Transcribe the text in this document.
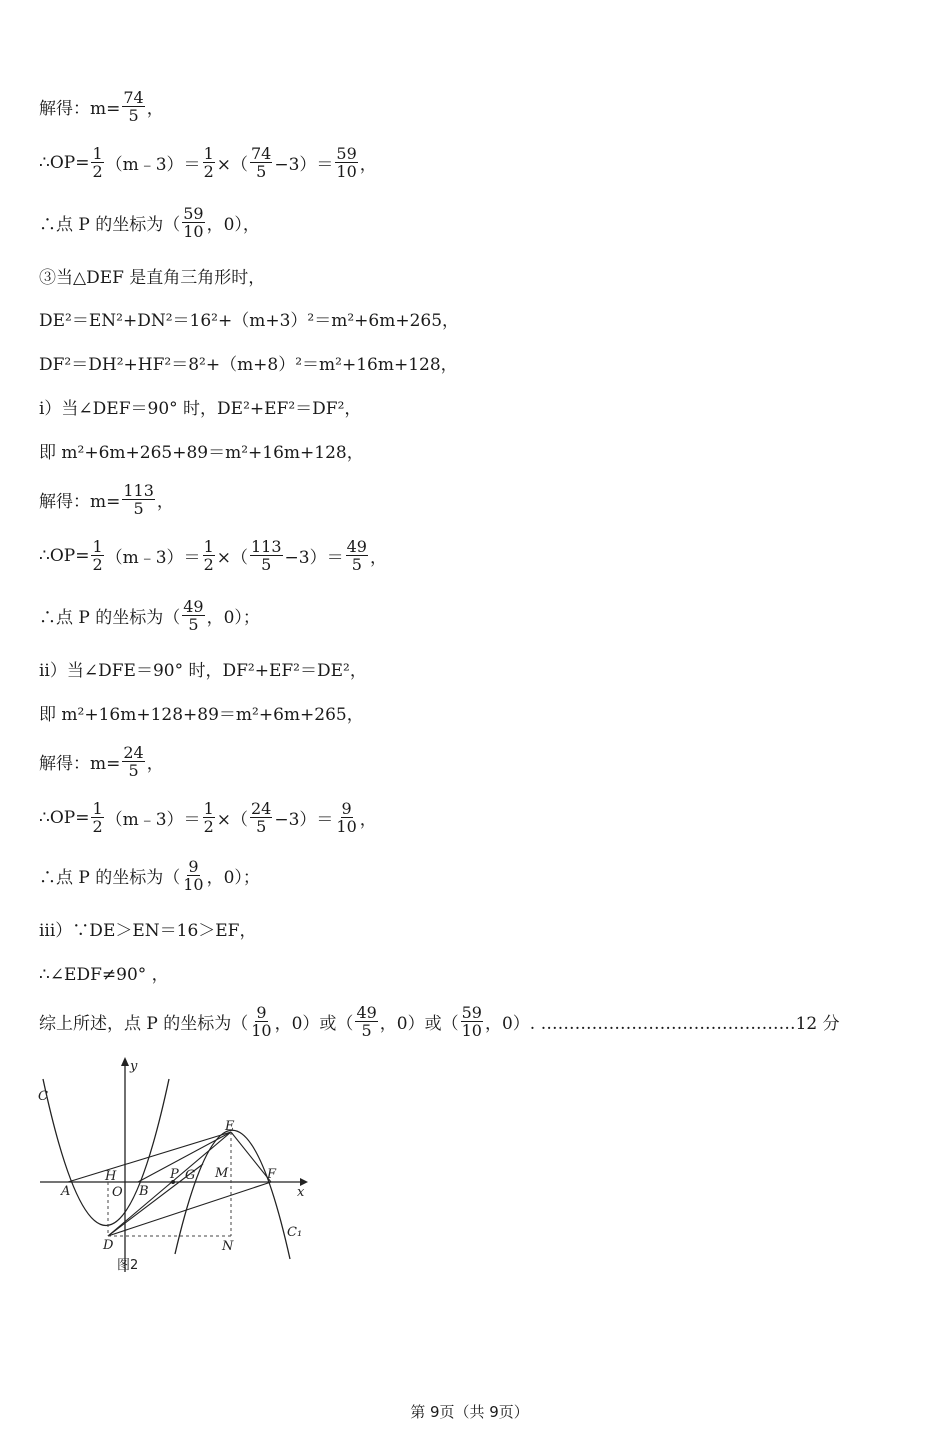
解得：$m= \frac{74}{5}$ ，
∴OP= $\frac{1}{2}$ （m﹣3）＝ $\frac{1}{2}$ ×（ $\frac{74}{5} -3)= \frac{59}{10}$ ，
∴点 P 的坐标为（ $\frac{59}{10}$ ，0），
③当△DEF 是直角三角形时，
DE²＝EN²+DN²＝16²+（m+3）²＝m²+6m+265，
DF²＝DH²+HF²＝8²+（m+8）²＝m²+16m+128，
i）当∠DEF＝90° 时，DE²+EF²＝DF²，
即 m²+6m+265+89＝m²+16m+128，
解得：$m= \frac{113}{5}$ ，
∴OP= $\frac{1}{2}$ （m﹣3）＝ $\frac{1}{2}$ ×（ $\frac{113}{5} -3)= \frac{49}{5}$ ，
∴点 P 的坐标为（ $\frac{49}{5}$ ，0）；
ii）当∠DFE＝90° 时，DF²+EF²＝DE²，
即 m²+16m+128+89＝m²+6m+265，
解得：$m= \frac{24}{5}$ ，
∴OP= $\frac{1}{2}$ （m﹣3）＝ $\frac{1}{2}$ ×（ $\frac{24}{5} -3)= \frac{9}{10}$ ，
∴点 P 的坐标为（ $\frac{9}{10}$ ，0）；
iii）∵DE＞EN＝16＞EF，
∴∠EDF≠90° ，
综上所述，点 P 的坐标为（ $\frac{9}{10}$ ，0）或（ $\frac{49}{5}$ ，0）或（ $\frac{59}{10}$ ，0）. ………………………………………12 分
y
x
C
C₁
E
F
A
H
O B
P G M
D	N
图2
第 9页（共 9页）
